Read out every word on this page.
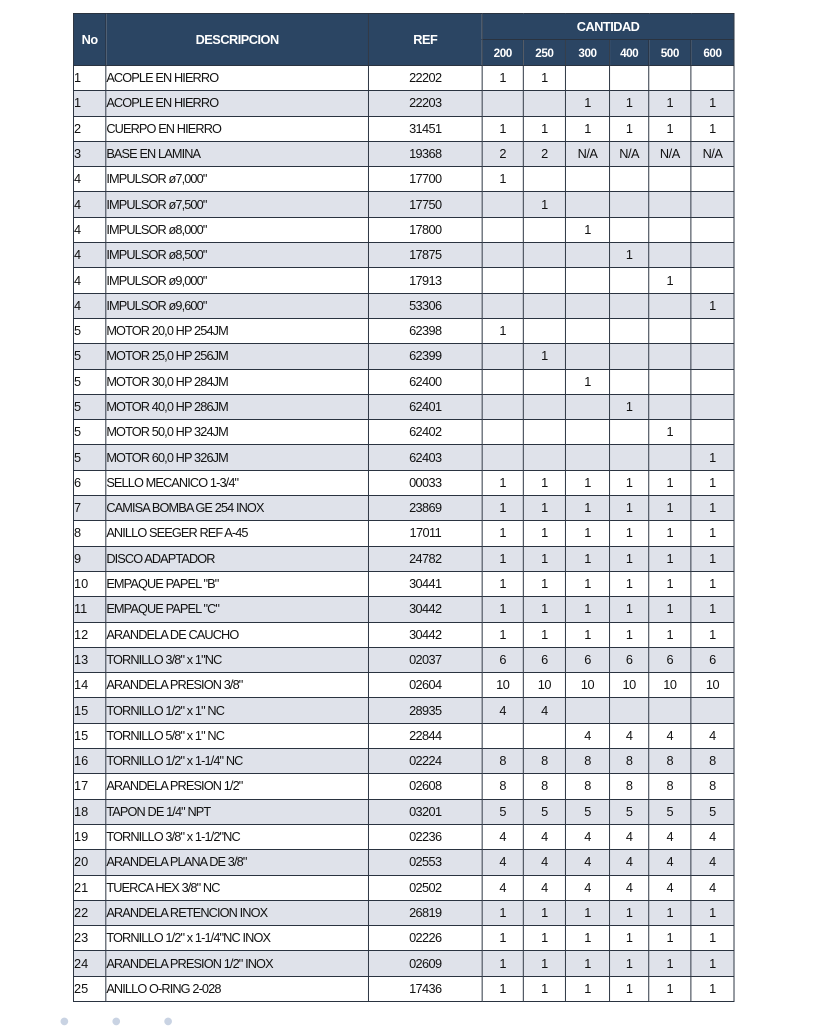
No	DESCRIPCION	REF	CANTIDAD					
			200	250	300	400	500	600
1	ACOPLE EN HIERRO	22202	1	1				
1	ACOPLE EN HIERRO	22203			1	1	1	1
2	CUERPO EN HIERRO	31451	1	1	1	1	1	1
3	BASE EN LAMINA	19368	2	2	N/A	N/A	N/A	N/A
4	IMPULSOR ø7,000"	17700	1					
4	IMPULSOR ø7,500"	17750		1				
4	IMPULSOR ø8,000"	17800			1			
4	IMPULSOR ø8,500"	17875				1		
4	IMPULSOR ø9,000"	17913					1	
4	IMPULSOR ø9,600"	53306						1
5	MOTOR 20,0 HP 254JM	62398	1					
5	MOTOR 25,0 HP 256JM	62399		1				
5	MOTOR 30,0 HP 284JM	62400			1			
5	MOTOR 40,0 HP 286JM	62401				1		
5	MOTOR 50,0 HP 324JM	62402					1	
5	MOTOR 60,0 HP 326JM	62403						1
6	SELLO MECANICO 1-3/4"	00033	1	1	1	1	1	1
7	CAMISA BOMBA GE 254 INOX	23869	1	1	1	1	1	1
8	ANILLO SEEGER REF A-45	17011	1	1	1	1	1	1
9	DISCO ADAPTADOR	24782	1	1	1	1	1	1
10	EMPAQUE PAPEL "B"	30441	1	1	1	1	1	1
11	EMPAQUE PAPEL "C"	30442	1	1	1	1	1	1
12	ARANDELA DE CAUCHO	30442	1	1	1	1	1	1
13	TORNILLO 3/8" x 1"NC	02037	6	6	6	6	6	6
14	ARANDELA PRESION 3/8"	02604	10	10	10	10	10	10
15	TORNILLO 1/2" x 1" NC	28935	4	4				
15	TORNILLO 5/8" x 1" NC	22844			4	4	4	4
16	TORNILLO 1/2" x 1-1/4" NC	02224	8	8	8	8	8	8
17	ARANDELA PRESION 1/2"	02608	8	8	8	8	8	8
18	TAPON DE 1/4" NPT	03201	5	5	5	5	5	5
19	TORNILLO 3/8" x 1-1/2"NC	02236	4	4	4	4	4	4
20	ARANDELA PLANA DE 3/8"	02553	4	4	4	4	4	4
21	TUERCA HEX 3/8" NC	02502	4	4	4	4	4	4
22	ARANDELA RETENCION INOX	26819	1	1	1	1	1	1
23	TORNILLO 1/2" x 1-1/4"NC INOX	02226	1	1	1	1	1	1
24	ARANDELA PRESION 1/2" INOX	02609	1	1	1	1	1	1
25	ANILLO O-RING 2-028	17436	1	1	1	1	1	1
● ● ●
